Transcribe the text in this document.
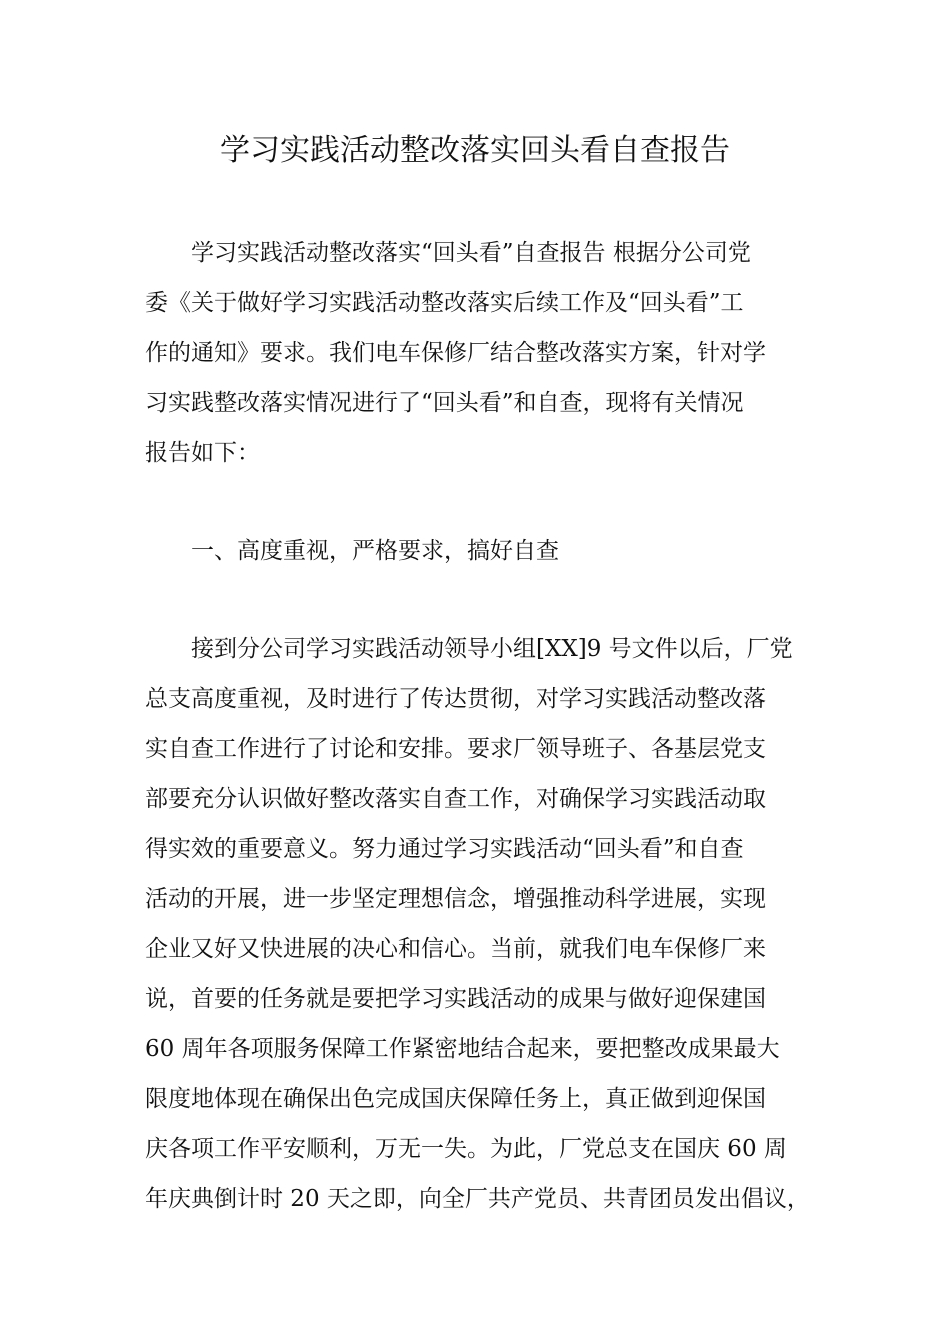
学习实践活动整改落实回头看自查报告
　　学习实践活动整改落实“回头看”自查报告 根据分公司党
委《关于做好学习实践活动整改落实后续工作及“回头看”工
作的通知》要求。我们电车保修厂结合整改落实方案，针对学
习实践整改落实情况进行了“回头看”和自查，现将有关情况
报告如下：
　　一、高度重视，严格要求，搞好自查
　　接到分公司学习实践活动领导小组[XX]9 号文件以后，厂党
总支高度重视，及时进行了传达贯彻，对学习实践活动整改落
实自查工作进行了讨论和安排。要求厂领导班子、各基层党支
部要充分认识做好整改落实自查工作，对确保学习实践活动取
得实效的重要意义。努力通过学习实践活动“回头看”和自查
活动的开展，进一步坚定理想信念，增强推动科学进展，实现
企业又好又快进展的决心和信心。当前，就我们电车保修厂来
说，首要的任务就是要把学习实践活动的成果与做好迎保建国
60 周年各项服务保障工作紧密地结合起来，要把整改成果最大
限度地体现在确保出色完成国庆保障任务上，真正做到迎保国
庆各项工作平安顺利，万无一失。为此，厂党总支在国庆 60 周
年庆典倒计时 20 天之即，向全厂共产党员、共青团员发出倡议，
